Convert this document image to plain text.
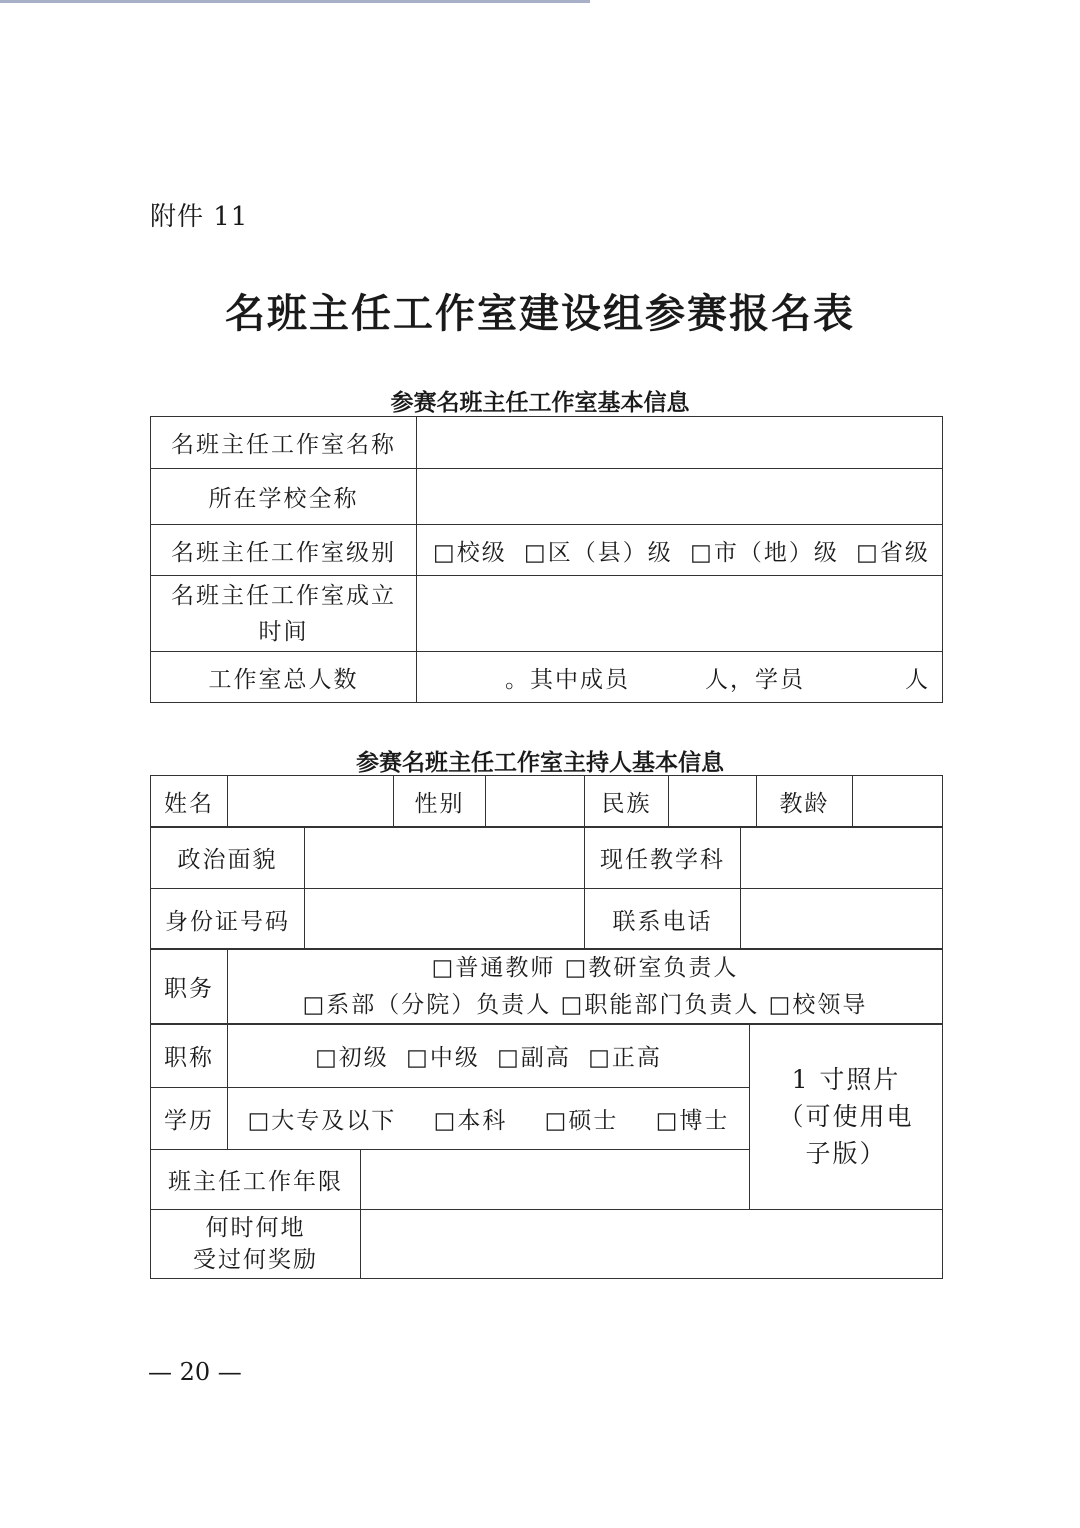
附件 11
名班主任工作室建设组参赛报名表
参赛名班主任工作室基本信息
名班主任工作室名称	
所在学校全称	
名班主任工作室级别	□校级 □区（县）级 □市（地）级 □省级

名班主任工作室成立
时间	

工作室总人数	。其中成员　　　人，学员　　　　人
参赛名班主任工作室主持人基本信息
姓名		性别		民族		教龄	
政治面貌		现任教学科	
身份证号码		联系电话	
职务	
□普通教师 □教研室负责人
□系部（分院）负责人 □职能部门负责人 □校领导
职称	□初级 □中级 □副高 □正高		1 寸照片
（可使用电
子版）

学历	□大专及以下 □本科 □硕士 □博士		
班主任工作年限			

何时何地
受过何奖励			

— 20 —
